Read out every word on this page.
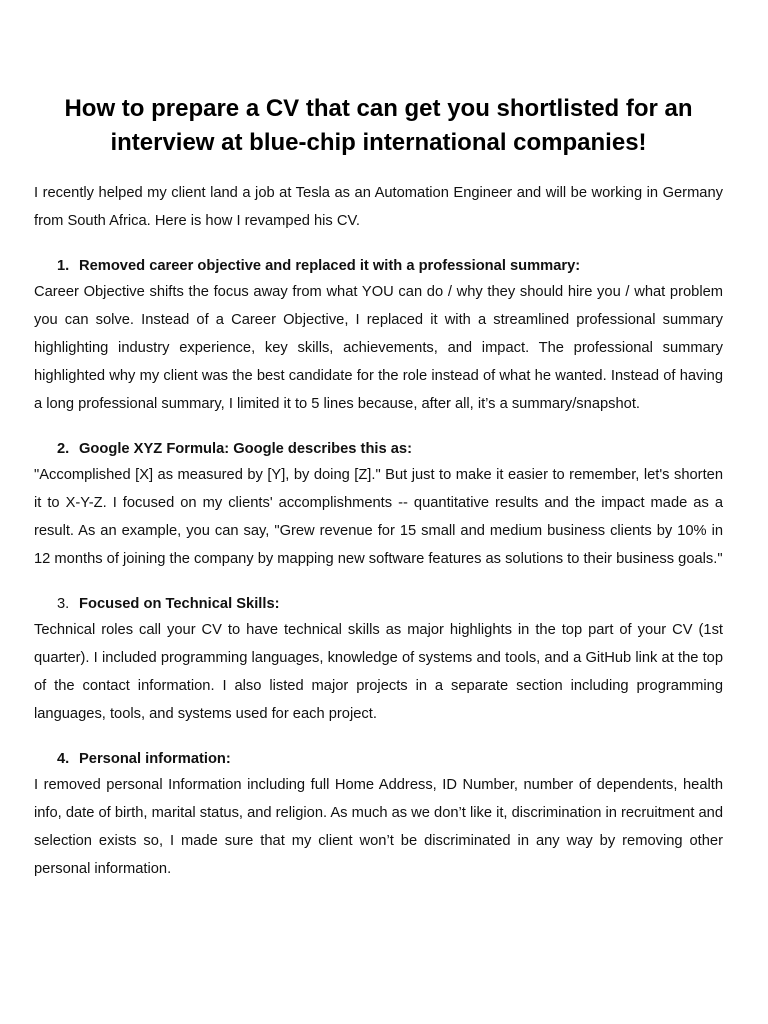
How to prepare a CV that can get you shortlisted for an interview at blue-chip international companies!

I recently helped my client land a job at Tesla as an Automation Engineer and will be working in Germany from South Africa. Here is how I revamped his CV.

1. Removed career objective and replaced it with a professional summary:

Career Objective shifts the focus away from what YOU can do / why they should hire you / what problem you can solve. Instead of a Career Objective, I replaced it with a streamlined professional summary highlighting industry experience, key skills, achievements, and impact. The professional summary highlighted why my client was the best candidate for the role instead of what he wanted. Instead of having a long professional summary, I limited it to 5 lines because, after all, it’s a summary/snapshot.

2. Google XYZ Formula: Google describes this as:

"Accomplished [X] as measured by [Y], by doing [Z]." But just to make it easier to remember, let's shorten it to X-Y-Z. I focused on my clients' accomplishments -- quantitative results and the impact made as a result. As an example, you can say, "Grew revenue for 15 small and medium business clients by 10% in 12 months of joining the company by mapping new software features as solutions to their business goals."

3. Focused on Technical Skills:

Technical roles call your CV to have technical skills as major highlights in the top part of your CV (1st quarter). I included programming languages, knowledge of systems and tools, and a GitHub link at the top of the contact information. I also listed major projects in a separate section including programming languages, tools, and systems used for each project.

4. Personal information:

I removed personal Information including full Home Address, ID Number, number of dependents, health info, date of birth, marital status, and religion. As much as we don’t like it, discrimination in recruitment and selection exists so, I made sure that my client won’t be discriminated in any way by removing other personal information.
